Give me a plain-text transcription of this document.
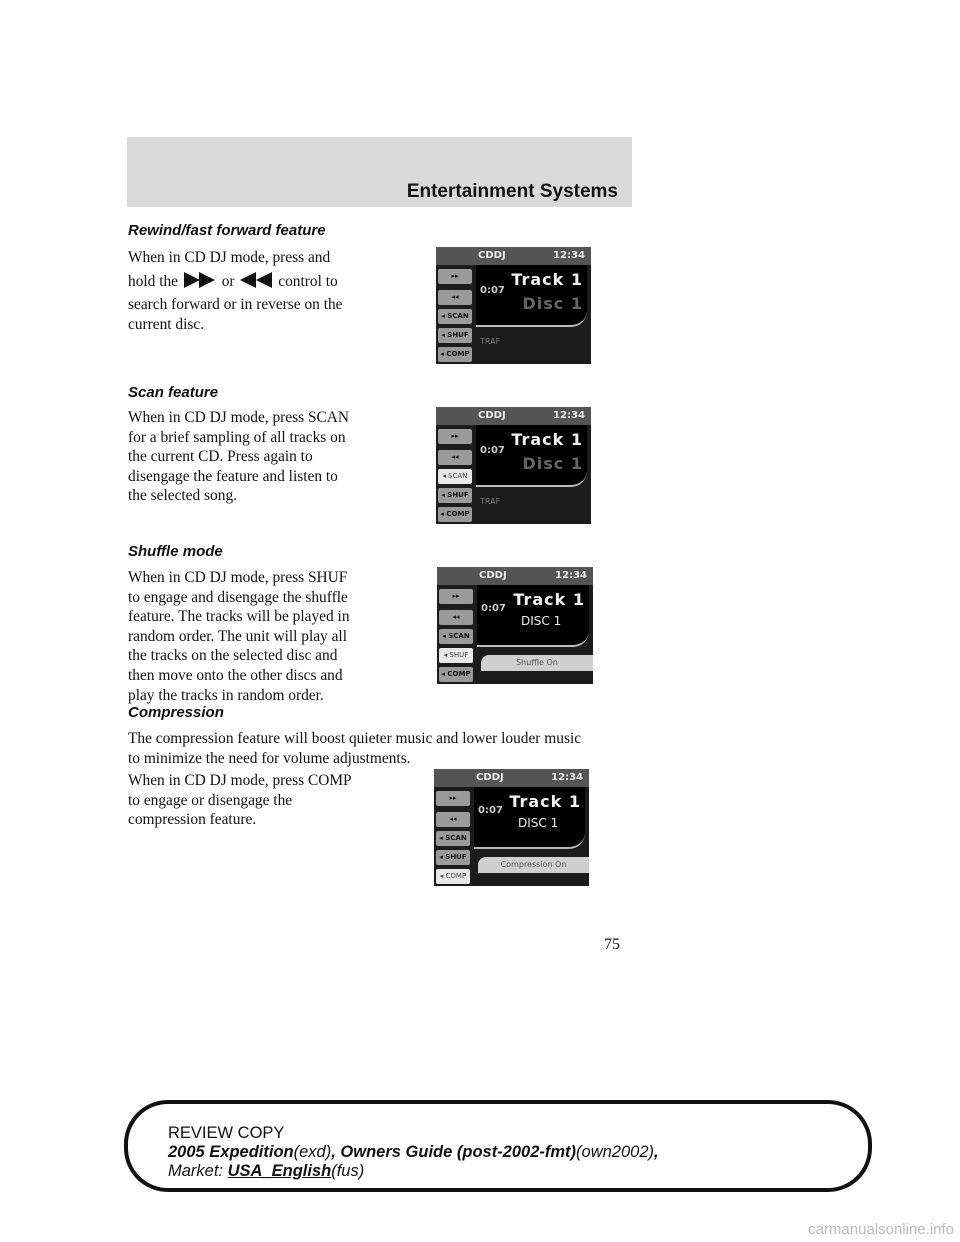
Entertainment Systems
Rewind/fast forward feature
When in CD DJ mode, press and
hold the	or	control to
search forward or in reverse on the
current disc.
Scan feature
When in CD DJ mode, press SCAN
for a brief sampling of all tracks on
the current CD. Press again to
disengage the feature and listen to
the selected song.
Shuffle mode
When in CD DJ mode, press SHUF
to engage and disengage the shuffle
feature. The tracks will be played in
random order. The unit will play all
the tracks on the selected disc and
then move onto the other discs and
play the tracks in random order.
Compression
The compression feature will boost quieter music and lower louder music
to minimize the need for volume adjustments.
When in CD DJ mode, press COMP
to engage or disengage the
compression feature.
CDDJ	12:34
0:07
Track 1
Disc 1
▸▸
◂◂
◂ SCAN
◂ SHUF
◂ COMP
TRAF
CDDJ	12:34
0:07
Track 1
Disc 1
▸▸
◂◂
◂ SCAN
◂ SHUF
◂ COMP
TRAF
CDDJ	12:34
0:07 Track 1
DISC 1
▸▸
◂◂
◂ SCAN
◂ SHUF
◂ COMP
Shuffle On
CDDJ	12:34
0:07 Track 1
DISC 1
▸▸
◂◂
◂ SCAN
◂ SHUF
◂ COMP
Compression On
75
REVIEW COPY
2005 Expedition(exd), Owners Guide (post-2002-fmt)(own2002),
Market: USA_English(fus)
carmanualsonline.info
